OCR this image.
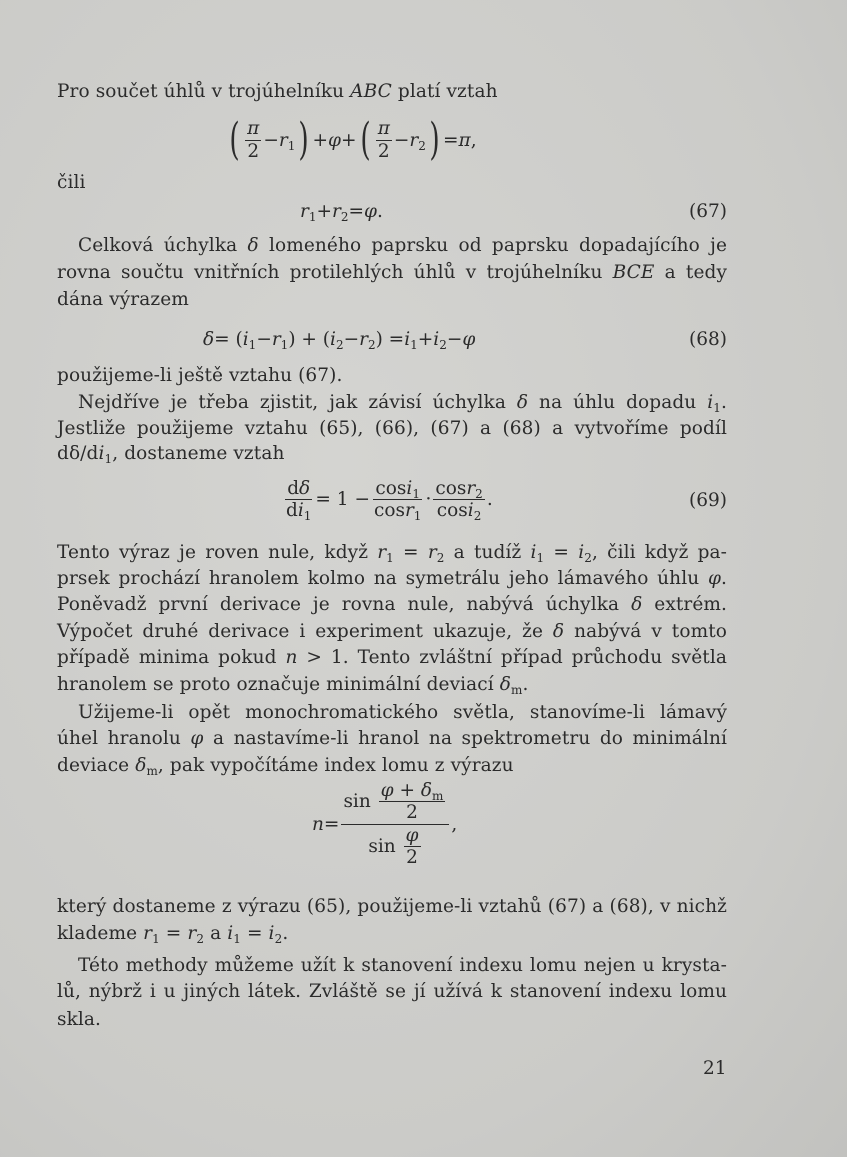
Pro součet úhlů v trojúhelníku ABC platí vztah
( $\frac{\pi}{2} - r_1$ ) + φ + ( $\frac{\pi}{2} - r_2$ ) = π ,
čili
$r_1 + r_2 = \varphi$ .	(67)
Celková úchylka δ lomeného paprsku od paprsku dopadajícího je
rovna součtu vnitřních protilehlých úhlů v trojúhelníku BCE a tedy
dána výrazem
δ = ( $i_1 - r_1$ ) + ( $i_2 - r_2$ ) = $i_1 + i_2 - \varphi$	(68)
použijeme-li ještě vztahu (67).
Nejdříve je třeba zjistit, jak závisí úchylka δ na úhlu dopadu $i_1$.
Jestliže použijeme vztahu (65), (66), (67) a (68) a vytvoříme podíl
$d\delta/di_1$, dostaneme vztah
$\frac{d\delta}{di_1} = 1 - \frac{\cos i_1}{\cos r_1} \cdot \frac{\cos r_2}{\cos i_2}$ .	(69)
Tento výraz je roven nule, když $r_1 = r_2$ a tudíž $i_1 = i_2$, čili když pa-
prsek prochází hranolem kolmo na symetrálu jeho lámavého úhlu φ.
Poněvadž první derivace je rovna nule, nabývá úchylka δ extrém.
Výpočet druhé derivace i experiment ukazuje, že δ nabývá v tomto
případě minima pokud n > 1. Tento zvláštní případ průchodu světla
hranolem se proto označuje minimální deviací $\delta_m$.
Užijeme-li opět monochromatického světla, stanovíme-li lámavý
úhel hranolu φ a nastavíme-li hranol na spektrometru do minimální
deviace $\delta_m$, pak vypočítáme index lomu z výrazu
$n = \frac{\sin \frac{\varphi + \delta_m}{2}}{\sin \frac{\varphi}{2}}$ ,
který dostaneme z výrazu (65), použijeme-li vztahů (67) a (68), v nichž
klademe $r_1 = r_2$ a $i_1 = i_2$.
Této methody můžeme užít k stanovení indexu lomu nejen u krysta-
lů, nýbrž i u jiných látek. Zvláště se jí užívá k stanovení indexu lomu
skla.
21
